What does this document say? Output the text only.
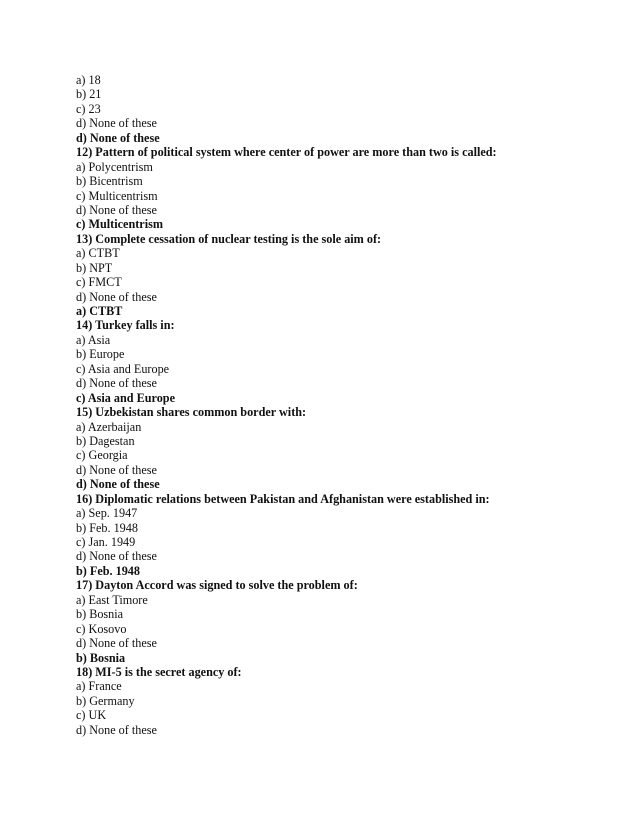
a) 18
b) 21
c) 23
d) None of these
d) None of these
12) Pattern of political system where center of power are more than two is called:
a) Polycentrism
b) Bicentrism
c) Multicentrism
d) None of these
c) Multicentrism
13) Complete cessation of nuclear testing is the sole aim of:
a) CTBT
b) NPT
c) FMCT
d) None of these
a) CTBT
14) Turkey falls in:
a) Asia
b) Europe
c) Asia and Europe
d) None of these
c) Asia and Europe
15) Uzbekistan shares common border with:
a) Azerbaijan
b) Dagestan
c) Georgia
d) None of these
d) None of these
16) Diplomatic relations between Pakistan and Afghanistan were established in:
a) Sep. 1947
b) Feb. 1948
c) Jan. 1949
d) None of these
b) Feb. 1948
17) Dayton Accord was signed to solve the problem of:
a) East Timore
b) Bosnia
c) Kosovo
d) None of these
b) Bosnia
18) MI-5 is the secret agency of:
a) France
b) Germany
c) UK
d) None of these
